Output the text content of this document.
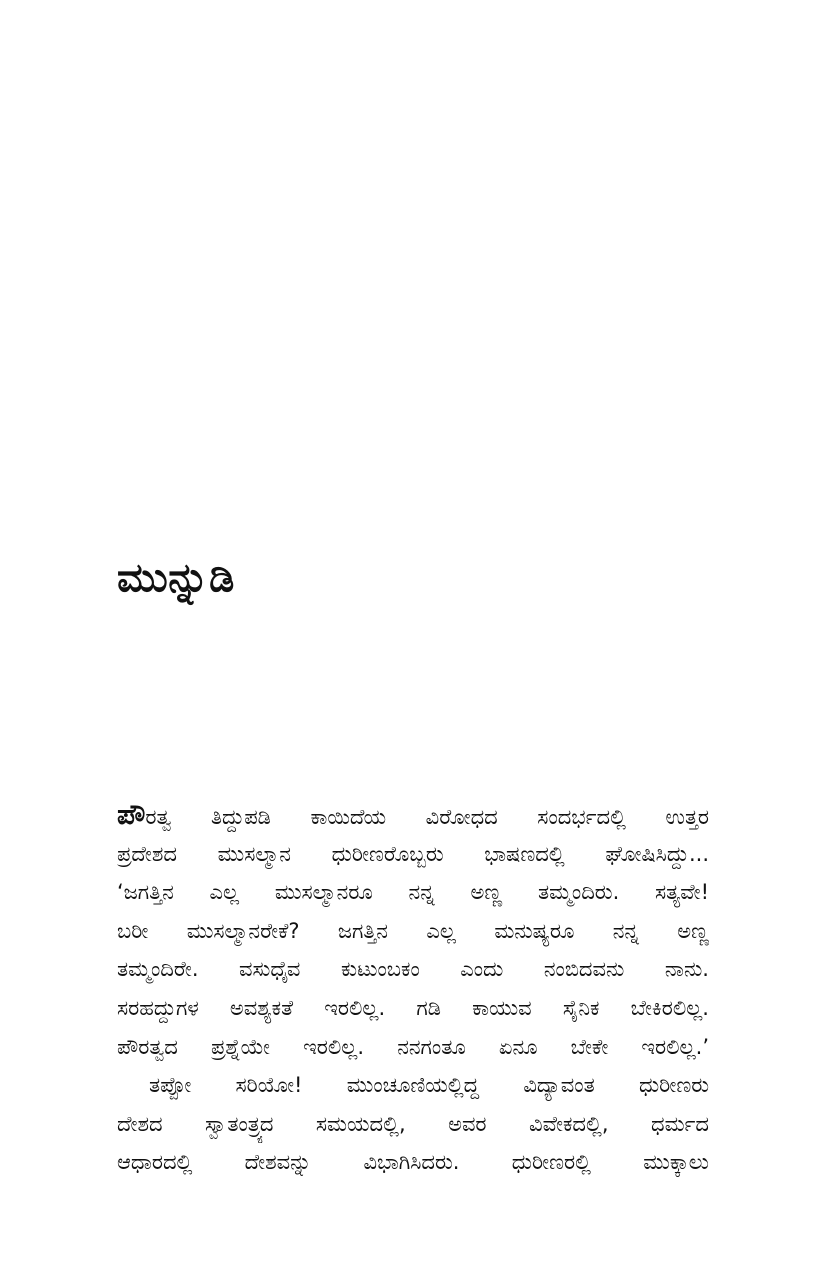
ಮುನ್ನುಡಿ
ಪೌರತ್ವ ತಿದ್ದುಪಡಿ ಕಾಯಿದೆಯ ವಿರೋಧದ ಸಂದರ್ಭದಲ್ಲಿ ಉತ್ತರ
ಪ್ರದೇಶದ ಮುಸಲ್ಮಾನ ಧುರೀಣರೊಬ್ಬರು ಭಾಷಣದಲ್ಲಿ ಘೋಷಿಸಿದ್ದು...
‘ಜಗತ್ತಿನ ಎಲ್ಲ ಮುಸಲ್ಮಾನರೂ ನನ್ನ ಅಣ್ಣ ತಮ್ಮಂದಿರು. ಸತ್ಯವೇ!
ಬರೀ ಮುಸಲ್ಮಾನರೇಕೆ? ಜಗತ್ತಿನ ಎಲ್ಲ ಮನುಷ್ಯರೂ ನನ್ನ ಅಣ್ಣ
ತಮ್ಮಂದಿರೇ. ವಸುಧೈವ ಕುಟುಂಬಕಂ ಎಂದು ನಂಬಿದವನು ನಾನು.
ಸರಹದ್ದುಗಳ ಅವಶ್ಯಕತೆ ಇರಲಿಲ್ಲ. ಗಡಿ ಕಾಯುವ ಸೈನಿಕ ಬೇಕಿರಲಿಲ್ಲ.
ಪೌರತ್ವದ ಪ್ರಶ್ನೆಯೇ ಇರಲಿಲ್ಲ. ನನಗಂತೂ ಏನೂ ಬೇಕೇ ಇರಲಿಲ್ಲ.’
ತಪ್ಪೋ ಸರಿಯೋ! ಮುಂಚೂಣಿಯಲ್ಲಿದ್ದ ವಿದ್ಯಾವಂತ ಧುರೀಣರು
ದೇಶದ ಸ್ವಾತಂತ್ರ್ಯದ ಸಮಯದಲ್ಲಿ, ಅವರ ವಿವೇಕದಲ್ಲಿ, ಧರ್ಮದ
ಆಧಾರದಲ್ಲಿ ದೇಶವನ್ನು ವಿಭಾಗಿಸಿದರು. ಧುರೀಣರಲ್ಲಿ ಮುಕ್ಕಾಲು
